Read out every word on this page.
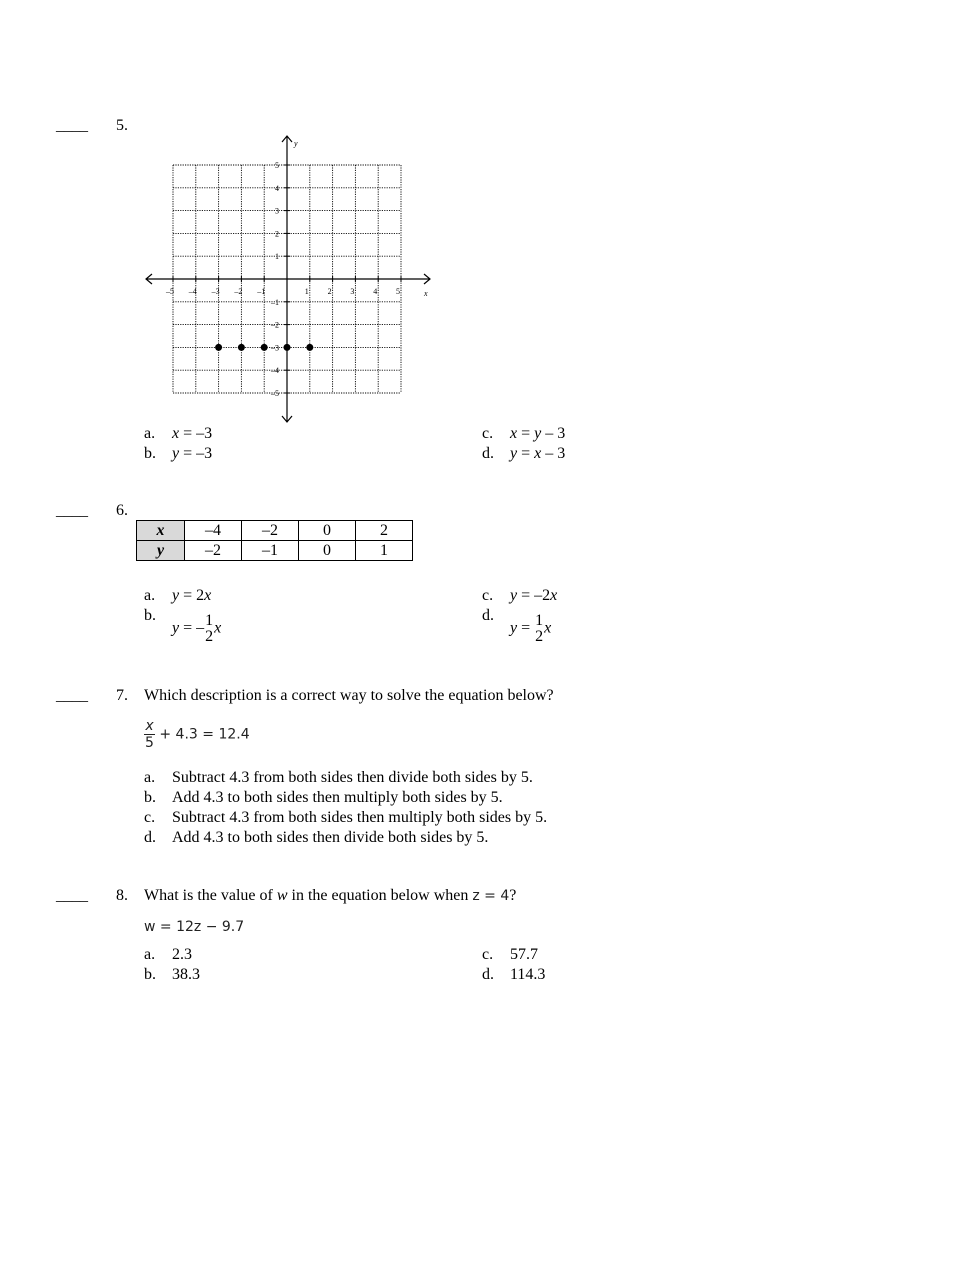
____	5.
–5 –4 –3 –2 –1	1 2 3 4 5
5
4
3
2
1
–1
–2
–3
–4
–5
x
y
a. x = –3
b. y = –3
c. x = y – 3
d. y = x – 3
____	6.
x	–4	–2	0	2
y	–2	–1	0	1
a. y = 2x
b.y = – 1
2 x
c. y = –2x
d.y = 1
2 x
____	7. Which description is a correct way to solve the equation below?
$\frac{x}{5} + 4.3 = 12.4$
a. Subtract 4.3 from both sides then divide both sides by 5.
b. Add 4.3 to both sides then multiply both sides by 5.
c. Subtract 4.3 from both sides then multiply both sides by 5.
d. Add 4.3 to both sides then divide both sides by 5.
____	8. What is the value of w in the equation below when z = 4?
w = 12z − 9.7
a. 2.3
b. 38.3
c. 57.7
d. 114.3
